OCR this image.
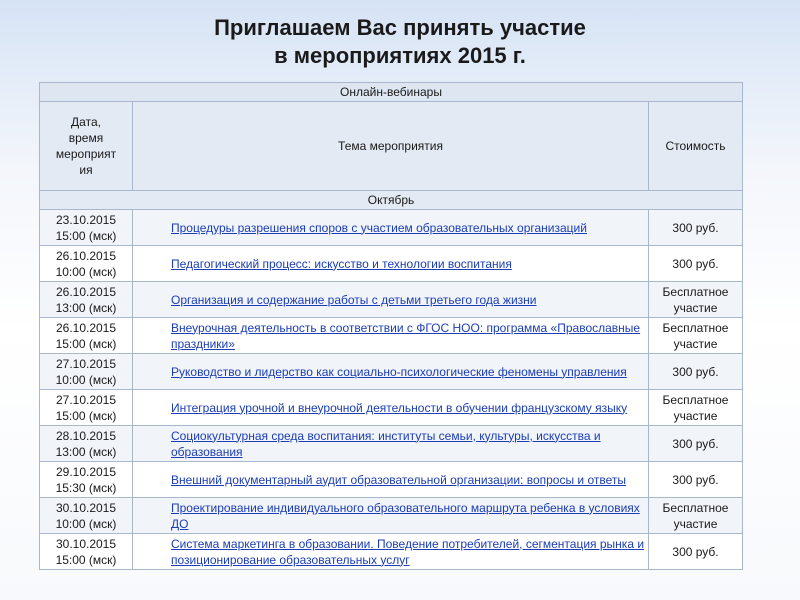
Приглашаем Вас принять участие
в мероприятиях 2015 г.
Онлайн-вебинары		

Дата,
время
мероприят
ия	Тема мероприятия	Стоимость
Октябрь		

23.10.2015
15:00 (мск)	Процедуры разрешения споров с участием образовательных организаций	300 руб.

26.10.2015
10:00 (мск)	Педагогический процесс: искусство и технологии воспитания	300 руб.

26.10.2015
13:00 (мск)	Организация и содержание работы с детьми третьего года жизни	Бесплатное
участие

26.10.2015
15:00 (мск)	Внеурочная деятельность в соответствии с ФГОС НОО: программа «Православные праздники»	Бесплатное
участие

27.10.2015
10:00 (мск)	Руководство и лидерство как социально-психологические феномены управления	300 руб.

27.10.2015
15:00 (мск)	Интеграция урочной и внеурочной деятельности в обучении французскому языку	Бесплатное
участие

28.10.2015
13:00 (мск)	Социокультурная среда воспитания: институты семьи, культуры, искусства и образования	300 руб.

29.10.2015
15:30 (мск)	Внешний документарный аудит образовательной организации: вопросы и ответы	300 руб.

30.10.2015
10:00 (мск)	Проектирование индивидуального образовательного маршрута ребенка в условиях ДО	Бесплатное
участие

30.10.2015
15:00 (мск)	Система маркетинга в образовании. Поведение потребителей, сегментация рынка и позиционирование образовательных услуг	300 руб.
